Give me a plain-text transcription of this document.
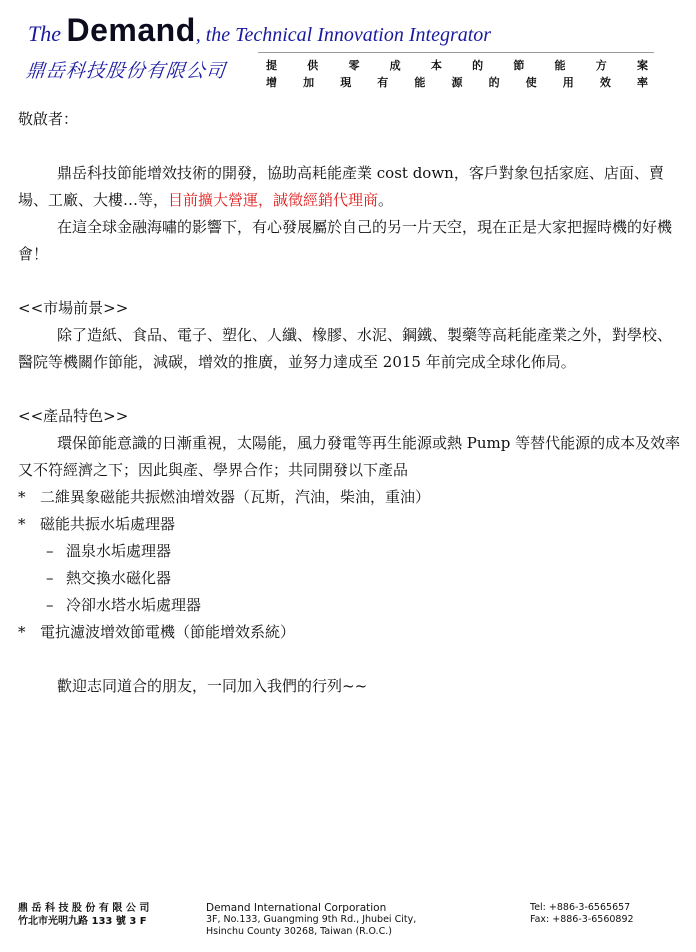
The Demand, the Technical Innovation Integrator
鼎岳科技股份有限公司	提	供	零	成	本	的	節	能	方	案
增 加 現 有 能 源 的 使 用 效 率

敬啟者：

鼎岳科技節能增效技術的開發，協助高耗能產業 cost down，客戶對象包括家庭、店面、賣場、工廠、大樓…等，目前擴大營運，誠徵經銷代理商。

在這全球金融海嘯的影響下，有心發展屬於自己的另一片天空，現在正是大家把握時機的好機會！

<<市場前景>>

除了造紙、食品、電子、塑化、人纖、橡膠、水泥、鋼鐵、製藥等高耗能產業之外，對學校、醫院等機關作節能，減碳，增效的推廣，並努力達成至 2015 年前完成全球化佈局。

<<產品特色>>

環保節能意識的日漸重視，太陽能，風力發電等再生能源或熱 Pump 等替代能源的成本及效率又不符經濟之下；因此與產、學界合作；共同開發以下產品

* 二維異象磁能共振燃油增效器（瓦斯，汽油，柴油，重油）
* 磁能共振水垢處理器
– 溫泉水垢處理器
– 熱交換水磁化器
– 冷卻水塔水垢處理器
* 電抗濾波增效節電機（節能增效系統）

歡迎志同道合的朋友，一同加入我們的行列~~

鼎 岳 科 技 股 份 有 限 公 司
竹北市光明九路 133 號 3 F
Demand International Corporation
3F, No.133, Guangming 9th Rd., Jhubei City,
Hsinchu County 30268, Taiwan (R.O.C.)
Tel: +886-3-6565657
Fax: +886-3-6560892
